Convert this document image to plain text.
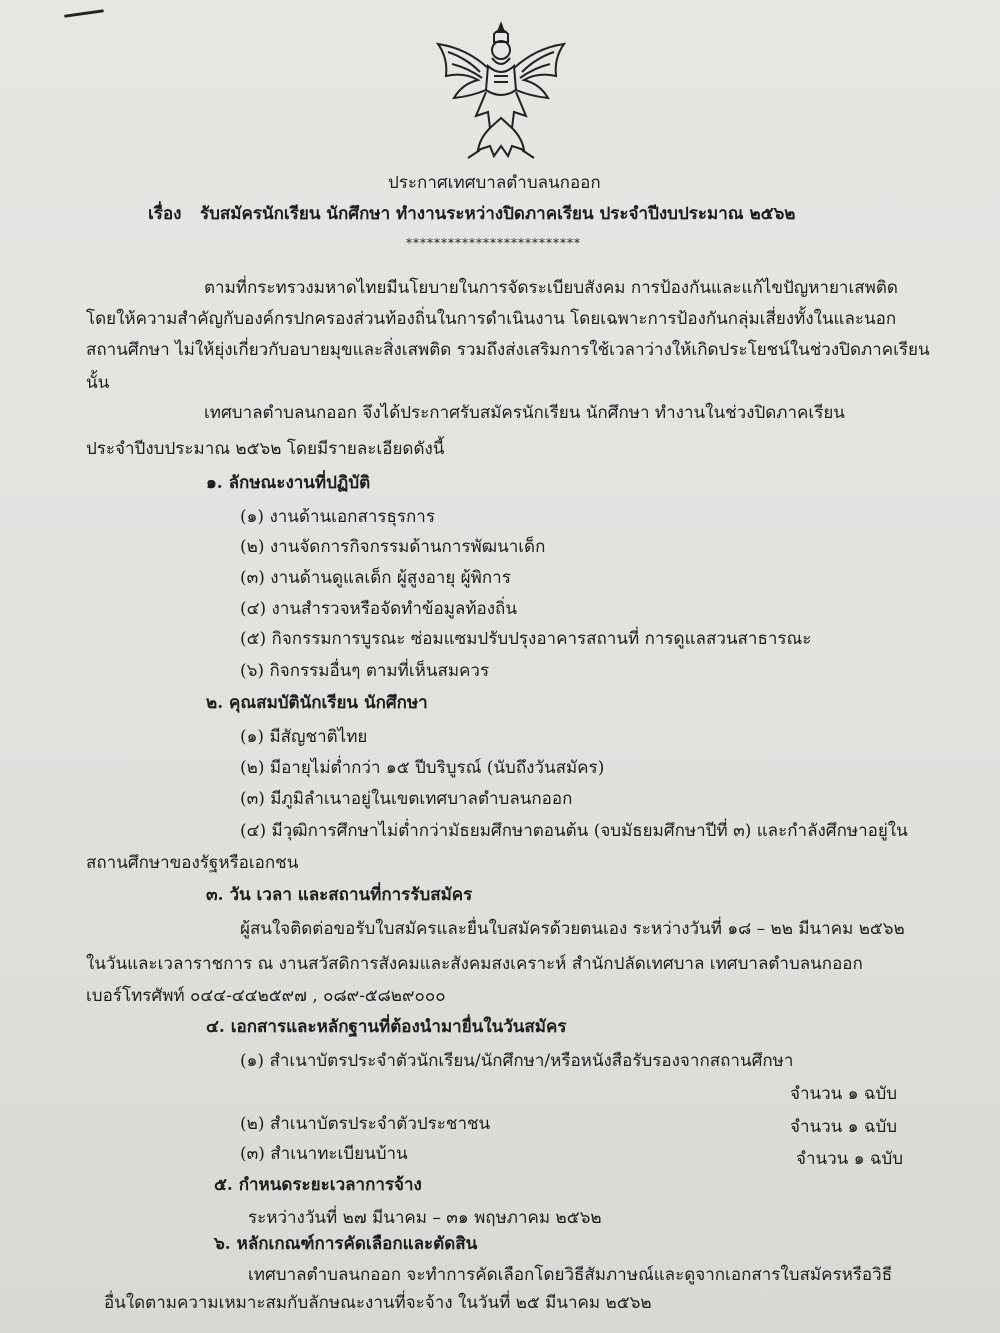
ประกาศเทศบาลตำบลนกออก
เรื่อง รับสมัครนักเรียน นักศึกษา ทำงานระหว่างปิดภาคเรียน ประจำปีงบประมาณ ๒๕๖๒
*************************
ตามที่กระทรวงมหาดไทยมีนโยบายในการจัดระเบียบสังคม การป้องกันและแก้ไขปัญหายาเสพติด
โดยให้ความสำคัญกับองค์กรปกครองส่วนท้องถิ่นในการดำเนินงาน โดยเฉพาะการป้องกันกลุ่มเสี่ยงทั้งในและนอก
สถานศึกษา ไม่ให้ยุ่งเกี่ยวกับอบายมุขและสิ่งเสพติด รวมถึงส่งเสริมการใช้เวลาว่างให้เกิดประโยชน์ในช่วงปิดภาคเรียน
นั้น
เทศบาลตำบลนกออก จึงได้ประกาศรับสมัครนักเรียน นักศึกษา ทำงานในช่วงปิดภาคเรียน
ประจำปีงบประมาณ ๒๕๖๒ โดยมีรายละเอียดดังนี้
๑. ลักษณะงานที่ปฏิบัติ
(๑) งานด้านเอกสารธุรการ
(๒) งานจัดการกิจกรรมด้านการพัฒนาเด็ก
(๓) งานด้านดูแลเด็ก ผู้สูงอายุ ผู้พิการ
(๔) งานสำรวจหรือจัดทำข้อมูลท้องถิ่น
(๕) กิจกรรมการบูรณะ ซ่อมแซมปรับปรุงอาคารสถานที่ การดูแลสวนสาธารณะ
(๖) กิจกรรมอื่นๆ ตามที่เห็นสมควร
๒. คุณสมบัตินักเรียน นักศึกษา
(๑) มีสัญชาติไทย
(๒) มีอายุไม่ต่ำกว่า ๑๕ ปีบริบูรณ์ (นับถึงวันสมัคร)
(๓) มีภูมิลำเนาอยู่ในเขตเทศบาลตำบลนกออก
(๔) มีวุฒิการศึกษาไม่ต่ำกว่ามัธยมศึกษาตอนต้น (จบมัธยมศึกษาปีที่ ๓) และกำลังศึกษาอยู่ใน
สถานศึกษาของรัฐหรือเอกชน
๓. วัน เวลา และสถานที่การรับสมัคร
ผู้สนใจติดต่อขอรับใบสมัครและยื่นใบสมัครด้วยตนเอง ระหว่างวันที่ ๑๘ – ๒๒ มีนาคม ๒๕๖๒
ในวันและเวลาราชการ ณ งานสวัสดิการสังคมและสังคมสงเคราะห์ สำนักปลัดเทศบาล เทศบาลตำบลนกออก
เบอร์โทรศัพท์ ๐๔๔-๔๔๒๕๙๗ , ๐๘๙-๕๘๒๙๐๐๐
๔. เอกสารและหลักฐานที่ต้องนำมายื่นในวันสมัคร
(๑) สำเนาบัตรประจำตัวนักเรียน/นักศึกษา/หรือหนังสือรับรองจากสถานศึกษา
จำนวน ๑ ฉบับ
(๒) สำเนาบัตรประจำตัวประชาชน	จำนวน ๑ ฉบับ
(๓) สำเนาทะเบียนบ้าน	จำนวน ๑ ฉบับ
๕. กำหนดระยะเวลาการจ้าง
ระหว่างวันที่ ๒๗ มีนาคม – ๓๑ พฤษภาคม ๒๕๖๒
๖. หลักเกณฑ์การคัดเลือกและตัดสิน
เทศบาลตำบลนกออก จะทำการคัดเลือกโดยวิธีสัมภาษณ์และดูจากเอกสารใบสมัครหรือวิธี
อื่นใดตามความเหมาะสมกับลักษณะงานที่จะจ้าง ในวันที่ ๒๕ มีนาคม ๒๕๖๒
